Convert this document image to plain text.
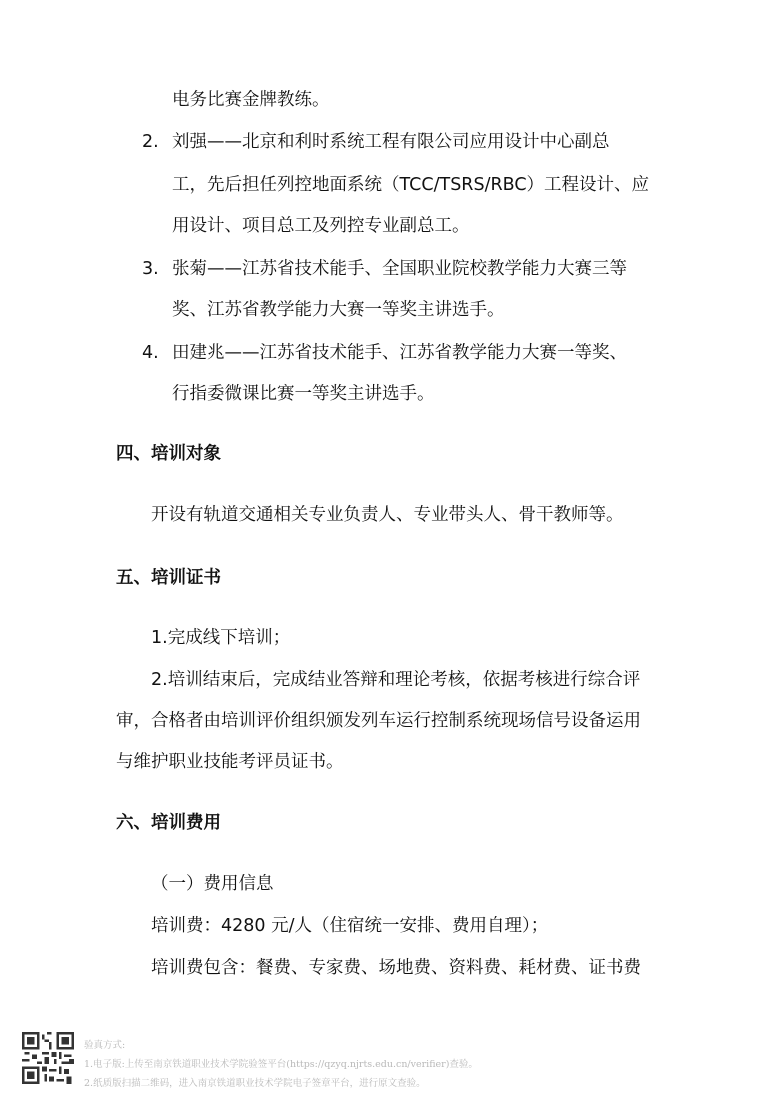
电务比赛金牌教练。
2. 刘强——北京和利时系统工程有限公司应用设计中心副总
工，先后担任列控地面系统（TCC/TSRS/RBC）工程设计、应
用设计、项目总工及列控专业副总工。
3. 张菊——江苏省技术能手、全国职业院校教学能力大赛三等
奖、江苏省教学能力大赛一等奖主讲选手。
4. 田建兆——江苏省技术能手、江苏省教学能力大赛一等奖、
行指委微课比赛一等奖主讲选手。
四、培训对象
开设有轨道交通相关专业负责人、专业带头人、骨干教师等。
五、培训证书
1.完成线下培训；
2.培训结束后，完成结业答辩和理论考核，依据考核进行综合评
审，合格者由培训评价组织颁发列车运行控制系统现场信号设备运用
与维护职业技能考评员证书。
六、培训费用
（一）费用信息
培训费：4280 元/人（住宿统一安排、费用自理）；
培训费包含：餐费、专家费、场地费、资料费、耗材费、证书费
验真方式:
1.电子版:上传至南京铁道职业技术学院验签平台(https://qzyq.njrts.edu.cn/verifier)查验。
2.纸质版扫描二维码，进入南京铁道职业技术学院电子签章平台，进行原文查验。
